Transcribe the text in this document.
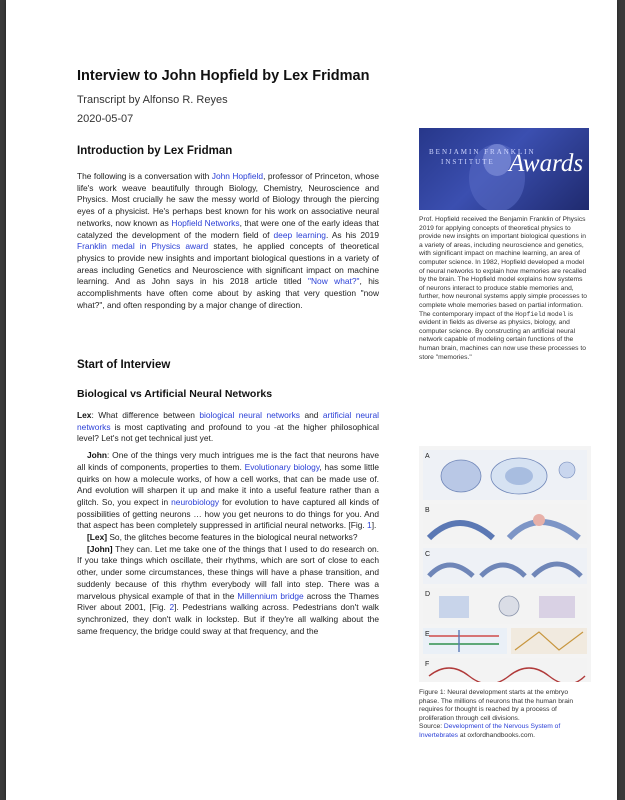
Interview to John Hopfield by Lex Fridman
Transcript by Alfonso R. Reyes
2020-05-07
Introduction by Lex Fridman

The following is a conversation with John Hopfield, professor of Princeton, whose life's work weave beautifully through Biology, Chemistry, Neuroscience and Physics. Most crucially he saw the messy world of Biology through the piercing eyes of a physicist. He's perhaps best known for his work on associative neural networks, now known as Hopfield Networks, that were one of the early ideas that catalyzed the development of the modern field of deep learning. As his 2019 Franklin medal in Physics award states, he applied concepts of theoretical physics to provide new insights and important biological questions in a variety of areas including Genetics and Neuroscience with significant impact on machine learning. And as John says in his 2018 article titled "Now what?", his accomplishments have often come about by asking that very question "now what?", and often responding by a major change of direction.

Start of Interview
Biological vs Artificial Neural Networks

Lex: What difference between biological neural networks and artificial neural networks is most captivating and profound to you -at the higher philosophical level? Let's not get technical just yet.

John: One of the things very much intrigues me is the fact that neurons have all kinds of components, properties to them. Evolutionary biology, has some little quirks on how a molecule works, of how a cell works, that can be made use of. And evolution will sharpen it up and make it into a useful feature rather than a glitch. So, you expect in neurobiology for evolution to have captured all kinds of possibilities of getting neurons … how you get neurons to do things for you. And that aspect has been completely suppressed in artificial neural networks. [Fig. 1].

[Lex] So, the glitches become features in the biological neural networks?

[John] They can. Let me take one of the things that I used to do research on. If you take things which oscillate, their rhythms, which are sort of close to each other, under some circumstances, these things will have a phase transition, and suddenly because of this rhythm everybody will fall into step. There was a marvelous physical example of that in the Millennium bridge across the Thames River about 2001, [Fig. 2]. Pedestrians walking across. Pedestrians don't walk synchronized, they don't walk in lockstep. But if they're all walking about the same frequency, the bridge could sway at that frequency, and the

BENJAMIN FRANKLIN
INSTITUTE Awards
Prof. Hopfield received the Benjamin Franklin of Physics 2019 for applying concepts of theoretical physics to provide new insights on important biological questions in a variety of areas, including neuroscience and genetics, with significant impact on machine learning, an area of computer science. In 1982, Hopfield developed a model of neural networks to explain how memories are recalled by the brain. The Hopfield model explains how systems of neurons interact to produce stable memories and, further, how neuronal systems apply simple processes to complete whole memories based on partial information. The contemporary impact of the Hopfield model is evident in fields as diverse as physics, biology, and computer science. By constructing an artificial neural network capable of modeling certain functions of the human brain, machines can now use these processes to store "memories."
A
B
C
D
E
F
Figure 1: Neural development starts at the embryo phase. The millions of neurons that the human brain requires for thought is reached by a process of proliferation through cell divisions.
Source: Development of the Nervous System of Invertebrates at oxfordhandbooks.com.
